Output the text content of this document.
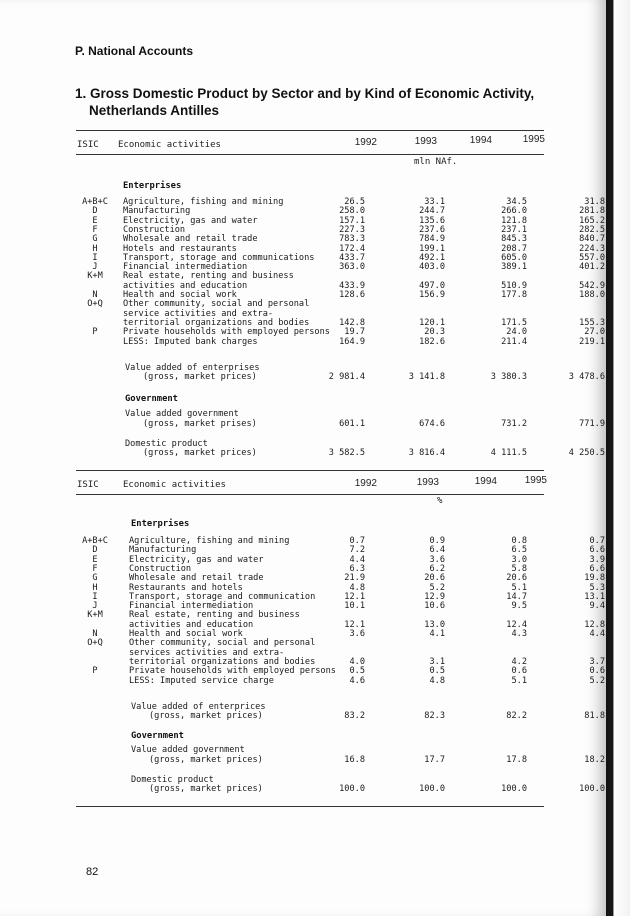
P. National Accounts
1. Gross Domestic Product by Sector and by Kind of Economic Activity,
Netherlands Antilles
ISIC Economic activities	1992	1993	1994	1995
mln NAf.
Enterprises
A+B+C	Agriculture, fishing and mining	26.5	33.1	34.5	31.8
D	Manufacturing	258.0	244.7	266.0	281.8
E	Electricity, gas and water	157.1	135.6	121.8	165.2
F	Construction	227.3	237.6	237.1	282.5
G	Wholesale and retail trade	783.3	784.9	845.3	840.7
H	Hotels and restaurants	172.4	199.1	208.7	224.3
I	Transport, storage and communications	433.7	492.1	605.0	557.0
J	Financial intermediation	363.0	403.0	389.1	401.2
K+M	Real estate, renting and business
activities and education	433.9	497.0	510.9	542.9
N	Health and social work	128.6	156.9	177.8	188.0
O+Q	Other community, social and personal
service activities and extra-
territorial organizations and bodies	142.8	120.1	171.5	155.3
P	Private households with employed persons	19.7	20.3	24.0	27.0
LESS: Imputed bank charges	164.9	182.6	211.4	219.1
Value added of enterprises
(gross, market prices)	2 981.4	3 141.8	3 380.3	3 478.6
Government
Value added government
(gross, market prises)	601.1	674.6	731.2	771.9
Domestic product
(gross, market prices)	3 582.5	3 816.4	4 111.5	4 250.5
ISIC	Economic activities	1992	1993	1994	1995
%
Enterprises
A+B+C	Agriculture, fishing and mining	0.7	0.9	0.8	0.7
D	Manufacturing	7.2	6.4	6.5	6.6
E	Electricity, gas and water	4.4	3.6	3.0	3.9
F	Construction	6.3	6.2	5.8	6.6
G	Wholesale and retail trade	21.9	20.6	20.6	19.8
H	Restaurants and hotels	4.8	5.2	5.1	5.3
I	Transport, storage and communication	12.1	12.9	14.7	13.1
J	Financial intermediation	10.1	10.6	9.5	9.4
K+M	Real estate, renting and business
activities and education	12.1	13.0	12.4	12.8
N	Health and social work	3.6	4.1	4.3	4.4
O+Q	Other community, social and personal
services activities and extra-
territorial organizations and bodies	4.0	3.1	4.2	3.7
P	Private households with employed persons	0.5	0.5	0.6	0.6
LESS: Imputed service charge	4.6	4.8	5.1	5.2
Value added of enterprices
(gross, market prices)	83.2	82.3	82.2	81.8
Government
Value added government
(gross, market prices)	16.8	17.7	17.8	18.2
Domestic product
(gross, market prices)	100.0	100.0	100.0	100.0
82
